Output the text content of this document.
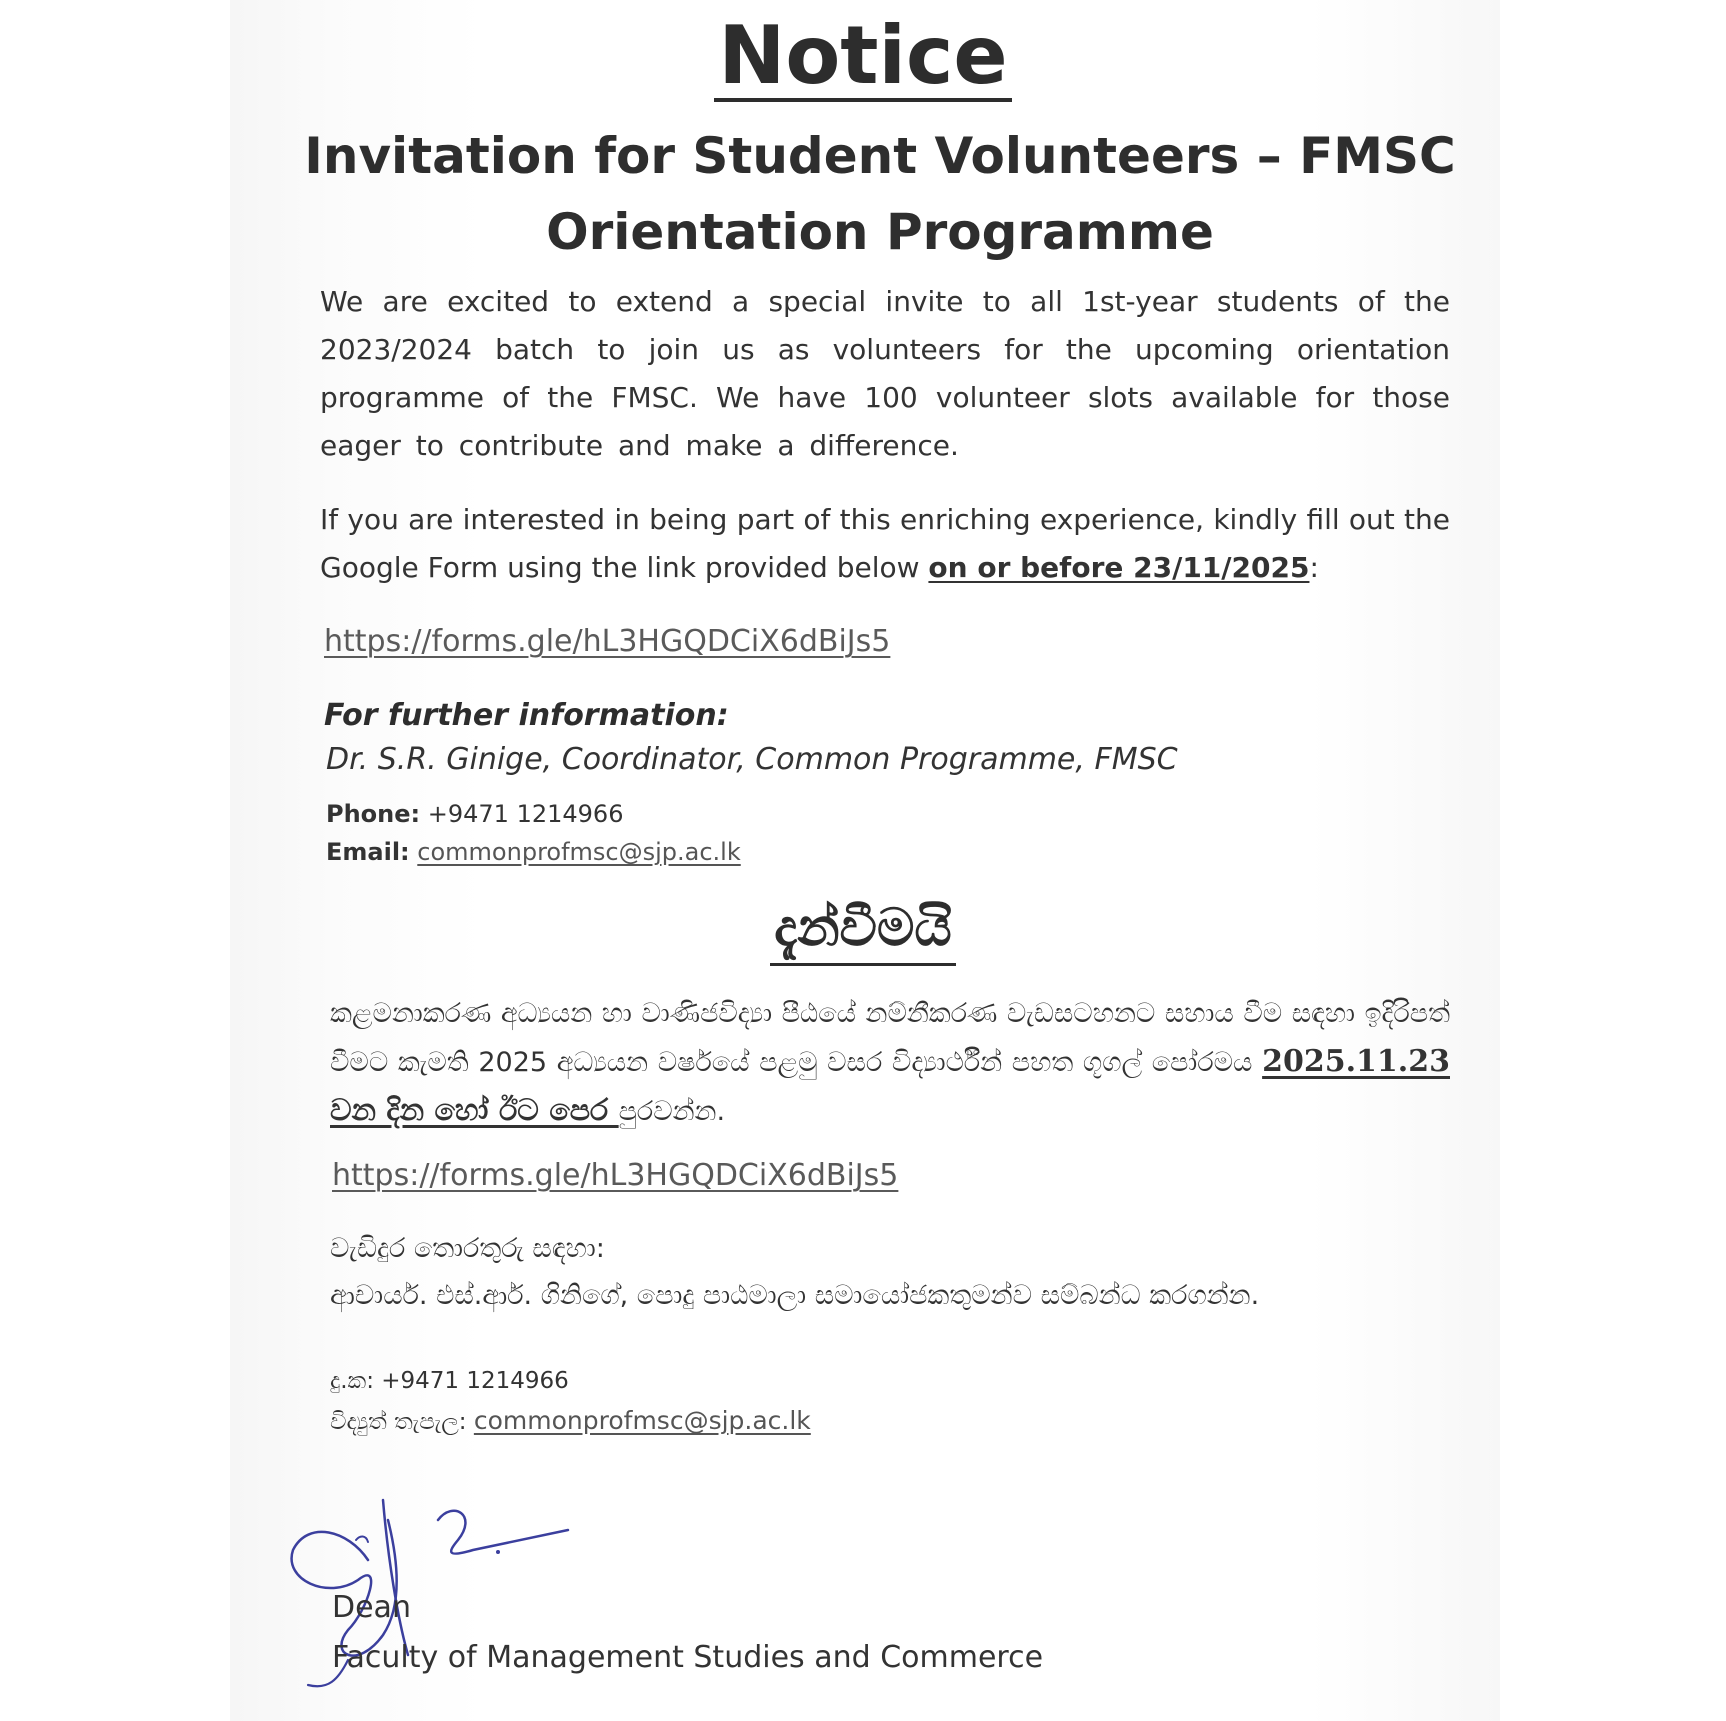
Notice
Invitation for Student Volunteers – FMSC
Orientation Programme

We are excited to extend a special invite to all 1st-year students of the 2023/2024 batch to join us as volunteers for the upcoming orientation programme of the FMSC. We have 100 volunteer slots available for those eager to contribute and make a difference.

If you are interested in being part of this enriching experience, kindly fill out the Google Form using the link provided below on or before 23/11/2025:

https://forms.gle/hL3HGQDCiX6dBiJs5
For further information:
Dr. S.R. Ginige, Coordinator, Common Programme, FMSC
Phone: +9471 1214966
Email: commonprofmsc@sjp.ac.lk
දැන්වීමයි

කළමනාකරණ අධ්‍යයන හා වාණිජවිද්‍යා පීඨයේ නම්නීකරණ වැඩසටහනට සහාය වීම සඳහා ඉදිරිපත් වීමට කැමති 2025 අධ්‍යයන වර්ෂයේ පළමු වසර විද්‍යාර්ථීන් පහත ගූගල් පෝරමය 2025.11.23 වන දින හෝ ඊට පෙර පුරවන්න.

https://forms.gle/hL3HGQDCiX6dBiJs5
වැඩිදුර තොරතුරු සඳහා:
ආචාර්ය. එස්.ආර්. ගිනිගේ, පොදු පාඨමාලා සමායෝජකතුමන්ව සම්බන්ධ කරගන්න.
දු.ක: +9471 1214966
විද්‍යුත් තැපැල: commonprofmsc@sjp.ac.lk
Dean
Faculty of Management Studies and Commerce
